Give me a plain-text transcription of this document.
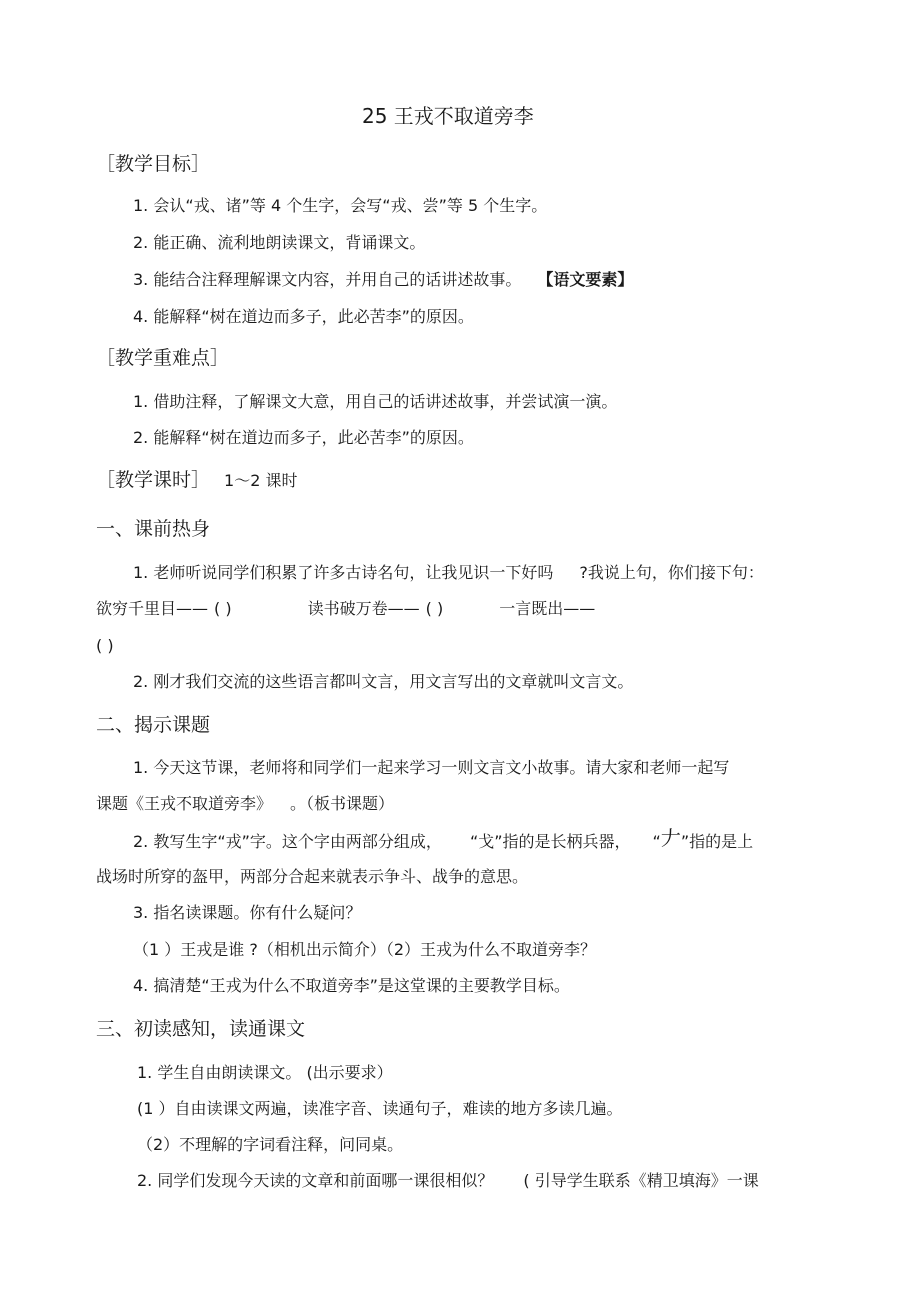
25 王戎不取道旁李
［教学目标］
1. 会认“戎、诸”等 4 个生字，会写“戎、尝”等 5 个生字。
2. 能正确、流利地朗读课文，背诵课文。
3. 能结合注释理解课文内容，并用自己的话讲述故事。 【语文要素】
4. 能解释“树在道边而多子，此必苦李”的原因。
［教学重难点］
1. 借助注释，了解课文大意，用自己的话讲述故事，并尝试演一演。
2. 能解释“树在道边而多子，此必苦李”的原因。
［教学课时］ 1～2 课时
一、课前热身
1. 老师听说同学们积累了许多古诗名句，让我见识一下好吗 ?我说上句，你们接下句：
欲穷千里目—— ( )	读书破万卷—— ( )	一言既出——
( )
2. 刚才我们交流的这些语言都叫文言，用文言写出的文章就叫文言文。
二、揭示课题
1. 今天这节课，老师将和同学们一起来学习一则文言文小故事。请大家和老师一起写
课题《王戎不取道旁李》 。（板书课题）
2. 教写生字“戎”字。这个字由两部分组成， “戈”指的是长柄兵器， “𠂇”指的是上
战场时所穿的盔甲，两部分合起来就表示争斗、战争的意思。
3. 指名读课题。你有什么疑问？
（1 ）王戎是谁 ?（相机出示简介）（2）王戎为什么不取道旁李？
4. 搞清楚“王戎为什么不取道旁李”是这堂课的主要教学目标。
三、初读感知，读通课文
1. 学生自由朗读课文。 (出示要求）
(1 ）自由读课文两遍，读准字音、读通句子，难读的地方多读几遍。
（2）不理解的字词看注释，问同桌。
2. 同学们发现今天读的文章和前面哪一课很相似？ ( 引导学生联系《精卫填海》一课
